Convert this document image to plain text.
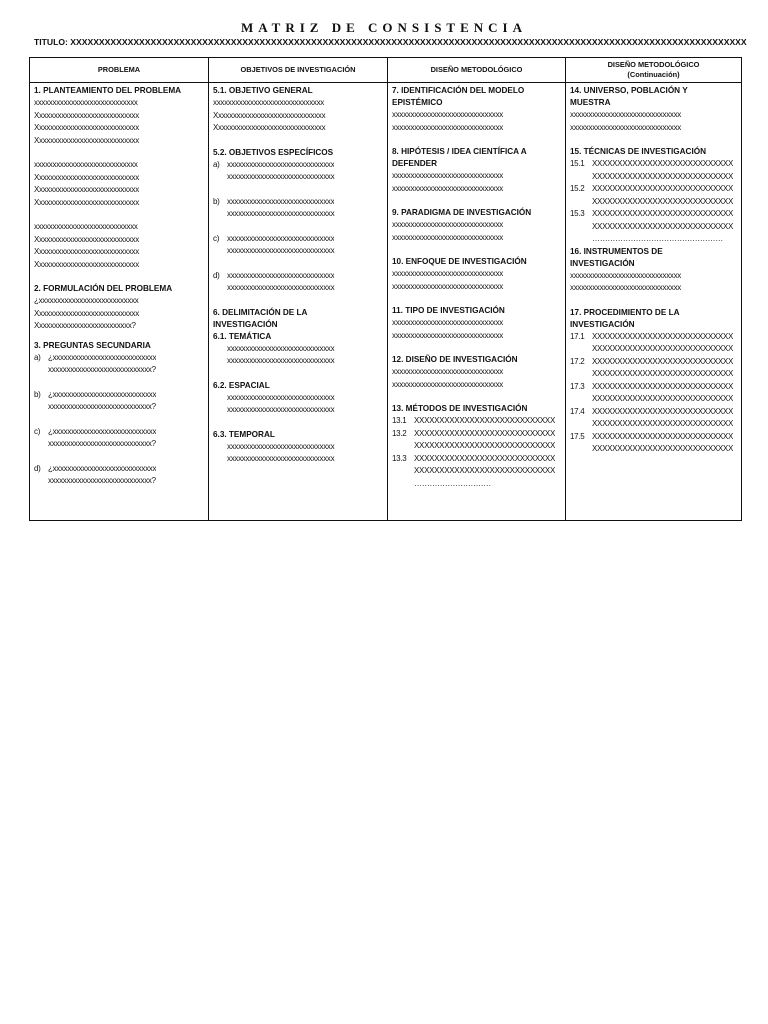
MATRIZ DE CONSISTENCIA
TITULO: XXXXXXXXXXXXXXXXXXXXXXXXXXXXXXXXXXXXXXXXXXXXXXXXXXXXXXXXXXXXXXXXXXXXXXXXXXXXXXXXXXXXXXXXXXXXXXXXXXXXXXXXXXXXXXXXXXXXXX
PROBLEMA
1. PLANTEAMIENTO DEL PROBLEMA
xxxxxxxxxxxxxxxxxxxxxxxxxxxx
Xxxxxxxxxxxxxxxxxxxxxxxxxxxx
Xxxxxxxxxxxxxxxxxxxxxxxxxxxx
Xxxxxxxxxxxxxxxxxxxxxxxxxxxx
xxxxxxxxxxxxxxxxxxxxxxxxxxxx
Xxxxxxxxxxxxxxxxxxxxxxxxxxxx
Xxxxxxxxxxxxxxxxxxxxxxxxxxxx
Xxxxxxxxxxxxxxxxxxxxxxxxxxxx
xxxxxxxxxxxxxxxxxxxxxxxxxxxx
Xxxxxxxxxxxxxxxxxxxxxxxxxxxx
Xxxxxxxxxxxxxxxxxxxxxxxxxxxx
Xxxxxxxxxxxxxxxxxxxxxxxxxxxx
2. FORMULACIÓN DEL PROBLEMA
¿xxxxxxxxxxxxxxxxxxxxxxxxxxx
Xxxxxxxxxxxxxxxxxxxxxxxxxxxx
Xxxxxxxxxxxxxxxxxxxxxxxxxx?
3. PREGUNTAS SECUNDARIA
a) ¿xxxxxxxxxxxxxxxxxxxxxxxxxxxx
xxxxxxxxxxxxxxxxxxxxxxxxxxxx?
b) ¿xxxxxxxxxxxxxxxxxxxxxxxxxxxx
xxxxxxxxxxxxxxxxxxxxxxxxxxxx?
c) ¿xxxxxxxxxxxxxxxxxxxxxxxxxxxx
xxxxxxxxxxxxxxxxxxxxxxxxxxxx?
d) ¿xxxxxxxxxxxxxxxxxxxxxxxxxxxx
xxxxxxxxxxxxxxxxxxxxxxxxxxxx?
OBJETIVOS DE INVESTIGACIÓN
5.1. OBJETIVO GENERAL
xxxxxxxxxxxxxxxxxxxxxxxxxxxxxx
Xxxxxxxxxxxxxxxxxxxxxxxxxxxxxx
Xxxxxxxxxxxxxxxxxxxxxxxxxxxxxx
5.2. OBJETIVOS ESPECÍFICOS
a) xxxxxxxxxxxxxxxxxxxxxxxxxxxxx
xxxxxxxxxxxxxxxxxxxxxxxxxxxxx
b) xxxxxxxxxxxxxxxxxxxxxxxxxxxxx
xxxxxxxxxxxxxxxxxxxxxxxxxxxxx
c) xxxxxxxxxxxxxxxxxxxxxxxxxxxxx
xxxxxxxxxxxxxxxxxxxxxxxxxxxxx
d) xxxxxxxxxxxxxxxxxxxxxxxxxxxxx
xxxxxxxxxxxxxxxxxxxxxxxxxxxxx
6. DELIMITACIÓN DE LA
INVESTIGACIÓN
6.1. TEMÁTICA
xxxxxxxxxxxxxxxxxxxxxxxxxxxxx
xxxxxxxxxxxxxxxxxxxxxxxxxxxxx
6.2. ESPACIAL
xxxxxxxxxxxxxxxxxxxxxxxxxxxxx
xxxxxxxxxxxxxxxxxxxxxxxxxxxxx
6.3. TEMPORAL
xxxxxxxxxxxxxxxxxxxxxxxxxxxxx
xxxxxxxxxxxxxxxxxxxxxxxxxxxxx
DISEÑO METODOLÓGICO
7. IDENTIFICACIÓN DEL MODELO
EPISTÉMICO
xxxxxxxxxxxxxxxxxxxxxxxxxxxxxx
xxxxxxxxxxxxxxxxxxxxxxxxxxxxxx
8. HIPÓTESIS / IDEA CIENTÍFICA A
DEFENDER
xxxxxxxxxxxxxxxxxxxxxxxxxxxxxx
xxxxxxxxxxxxxxxxxxxxxxxxxxxxxx
9. PARADIGMA DE INVESTIGACIÓN
xxxxxxxxxxxxxxxxxxxxxxxxxxxxxx
xxxxxxxxxxxxxxxxxxxxxxxxxxxxxx
10. ENFOQUE DE INVESTIGACIÓN
xxxxxxxxxxxxxxxxxxxxxxxxxxxxxx
xxxxxxxxxxxxxxxxxxxxxxxxxxxxxx
11. TIPO DE INVESTIGACIÓN
xxxxxxxxxxxxxxxxxxxxxxxxxxxxxx
xxxxxxxxxxxxxxxxxxxxxxxxxxxxxx
12. DISEÑO DE INVESTIGACIÓN
xxxxxxxxxxxxxxxxxxxxxxxxxxxxxx
xxxxxxxxxxxxxxxxxxxxxxxxxxxxxx
13. MÉTODOS DE INVESTIGACIÓN
13.1 XXXXXXXXXXXXXXXXXXXXXXXXXXXX
13.2 XXXXXXXXXXXXXXXXXXXXXXXXXXXX
XXXXXXXXXXXXXXXXXXXXXXXXXXXX
13.3 XXXXXXXXXXXXXXXXXXXXXXXXXXXX
XXXXXXXXXXXXXXXXXXXXXXXXXXXX
…………………………
DISEÑO METODOLÓGICO
(Continuación)
14. UNIVERSO, POBLACIÓN Y
MUESTRA
xxxxxxxxxxxxxxxxxxxxxxxxxxxxxx
xxxxxxxxxxxxxxxxxxxxxxxxxxxxxx
15. TÉCNICAS DE INVESTIGACIÓN
15.1 XXXXXXXXXXXXXXXXXXXXXXXXXXXX
XXXXXXXXXXXXXXXXXXXXXXXXXXXX
15.2 XXXXXXXXXXXXXXXXXXXXXXXXXXXX
XXXXXXXXXXXXXXXXXXXXXXXXXXXX
15.3 XXXXXXXXXXXXXXXXXXXXXXXXXXXX
XXXXXXXXXXXXXXXXXXXXXXXXXXXX
……………………………………………
16. INSTRUMENTOS DE
INVESTIGACIÓN
xxxxxxxxxxxxxxxxxxxxxxxxxxxxxx
xxxxxxxxxxxxxxxxxxxxxxxxxxxxxx
17. PROCEDIMIENTO DE LA
INVESTIGACIÓN
17.1 XXXXXXXXXXXXXXXXXXXXXXXXXXXX
XXXXXXXXXXXXXXXXXXXXXXXXXXXX
17.2 XXXXXXXXXXXXXXXXXXXXXXXXXXXX
XXXXXXXXXXXXXXXXXXXXXXXXXXXX
17.3 XXXXXXXXXXXXXXXXXXXXXXXXXXXX
XXXXXXXXXXXXXXXXXXXXXXXXXXXX
17.4 XXXXXXXXXXXXXXXXXXXXXXXXXXXX
XXXXXXXXXXXXXXXXXXXXXXXXXXXX
17.5 XXXXXXXXXXXXXXXXXXXXXXXXXXXX
XXXXXXXXXXXXXXXXXXXXXXXXXXXX
